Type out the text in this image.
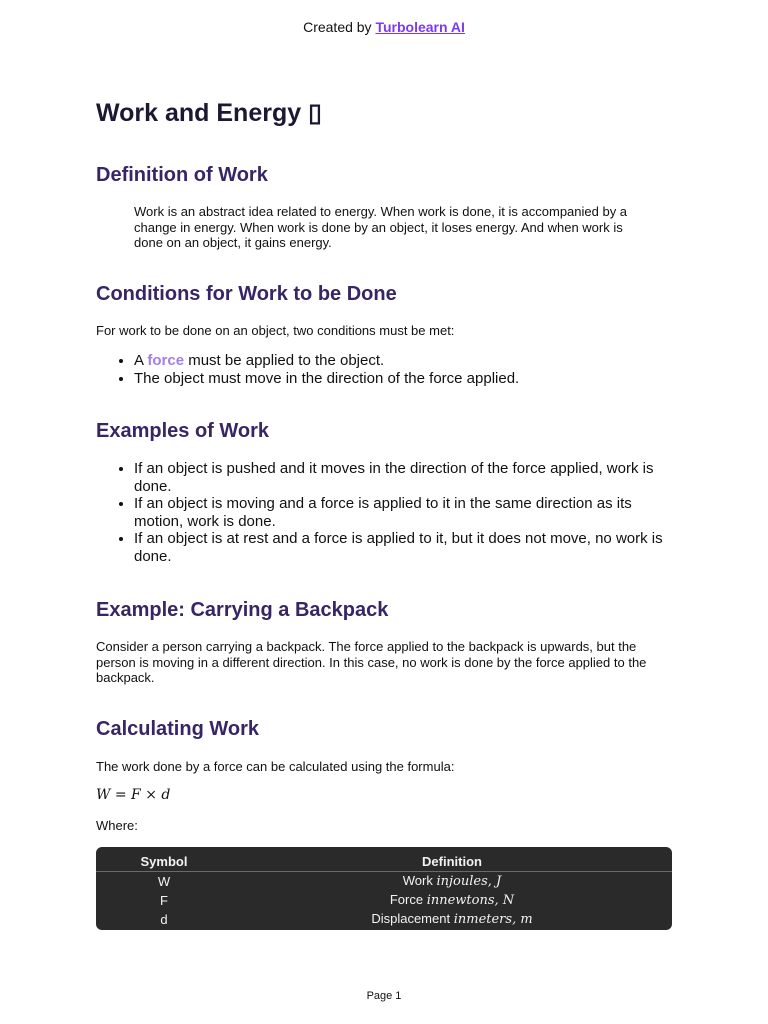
Created by Turbolearn AI
Work and Energy ▯
Definition of Work
Work is an abstract idea related to energy. When work is done, it is accompanied by a change in energy. When work is done by an object, it loses energy. And when work is done on an object, it gains energy.
Conditions for Work to be Done

For work to be done on an object, two conditions must be met:

• A force must be applied to the object.
• The object must move in the direction of the force applied.
Examples of Work
• If an object is pushed and it moves in the direction of the force applied, work is done.
• If an object is moving and a force is applied to it in the same direction as its motion, work is done.
• If an object is at rest and a force is applied to it, but it does not move, no work is done.
Example: Carrying a Backpack

Consider a person carrying a backpack. The force applied to the backpack is upwards, but the person is moving in a different direction. In this case, no work is done by the force applied to the backpack.

Calculating Work

The work done by a force can be calculated using the formula:

W = F × d

Where:

Symbol	Definition
W	Work injoules, J
F	Force innewtons, N
d	Displacement inmeters, m
Page 1
